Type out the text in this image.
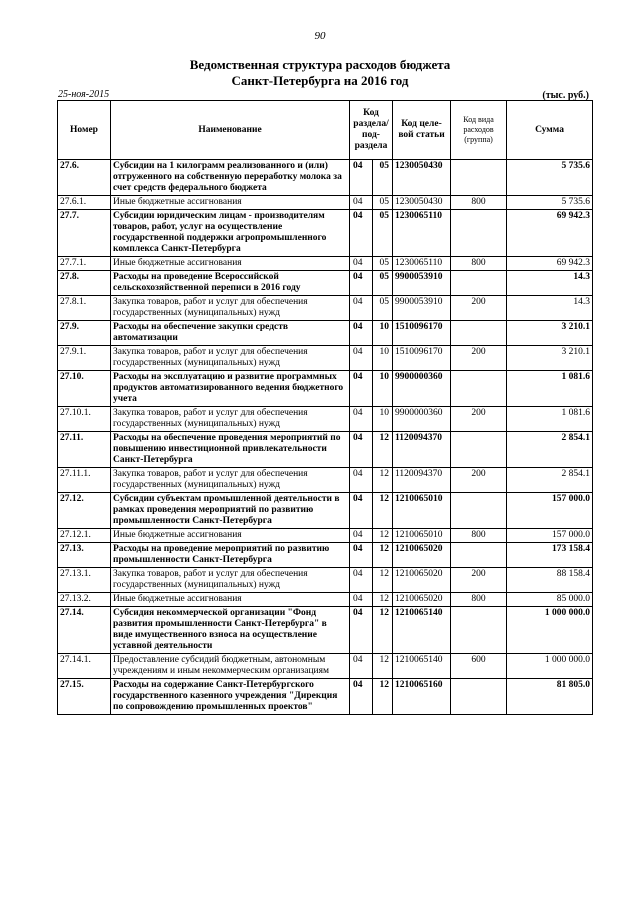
90
Ведомственная структура расходов бюджета
Санкт-Петербурга на 2016 год
25-ноя-2015	(тыс. руб.)
Номер	Наименование	Код раздела/ под-раздела		Код целе-вой статьи	Код вида расходов (группа)	Сумма
27.6.	Субсидии на 1 килограмм реализованного и (или) отгруженного на собственную переработку молока за счет средств федерального бюджета	04	05	1230050430		5 735.6
27.6.1.	Иные бюджетные ассигнования	04	05	1230050430	800	5 735.6
27.7.	Субсидии юридическим лицам - производителям товаров, работ, услуг на осуществление государственной поддержки агропромышленного комплекса Санкт-Петербурга	04	05	1230065110		69 942.3
27.7.1.	Иные бюджетные ассигнования	04	05	1230065110	800	69 942.3
27.8.	Расходы на проведение Всероссийской сельскохозяйственной переписи в 2016 году	04	05	9900053910		14.3
27.8.1.	Закупка товаров, работ и услуг для обеспечения государственных (муниципальных) нужд	04	05	9900053910	200	14.3
27.9.	Расходы на обеспечение закупки средств автоматизации	04	10	1510096170		3 210.1
27.9.1.	Закупка товаров, работ и услуг для обеспечения государственных (муниципальных) нужд	04	10	1510096170	200	3 210.1
27.10.	Расходы на эксплуатацию и развитие программных продуктов автоматизированного ведения бюджетного учета	04	10	9900000360		1 081.6
27.10.1.	Закупка товаров, работ и услуг для обеспечения государственных (муниципальных) нужд	04	10	9900000360	200	1 081.6
27.11.	Расходы на обеспечение проведения мероприятий по повышению инвестиционной привлекательности Санкт-Петербурга	04	12	1120094370		2 854.1
27.11.1.	Закупка товаров, работ и услуг для обеспечения государственных (муниципальных) нужд	04	12	1120094370	200	2 854.1
27.12.	Субсидии субъектам промышленной деятельности в рамках проведения мероприятий по развитию промышленности Санкт-Петербурга	04	12	1210065010		157 000.0
27.12.1.	Иные бюджетные ассигнования	04	12	1210065010	800	157 000.0
27.13.	Расходы на проведение мероприятий по развитию промышленности Санкт-Петербурга	04	12	1210065020		173 158.4
27.13.1.	Закупка товаров, работ и услуг для обеспечения государственных (муниципальных) нужд	04	12	1210065020	200	88 158.4
27.13.2.	Иные бюджетные ассигнования	04	12	1210065020	800	85 000.0
27.14.	Субсидия некоммерческой организации "Фонд развития промышленности Санкт-Петербурга" в виде имущественного взноса на осуществление уставной деятельности	04	12	1210065140		1 000 000.0
27.14.1.	Предоставление субсидий бюджетным, автономным учреждениям и иным некоммерческим организациям	04	12	1210065140	600	1 000 000.0
27.15.	Расходы на содержание Санкт-Петербургского государственного казенного учреждения "Дирекция по сопровождению промышленных проектов"	04	12	1210065160		81 805.0
